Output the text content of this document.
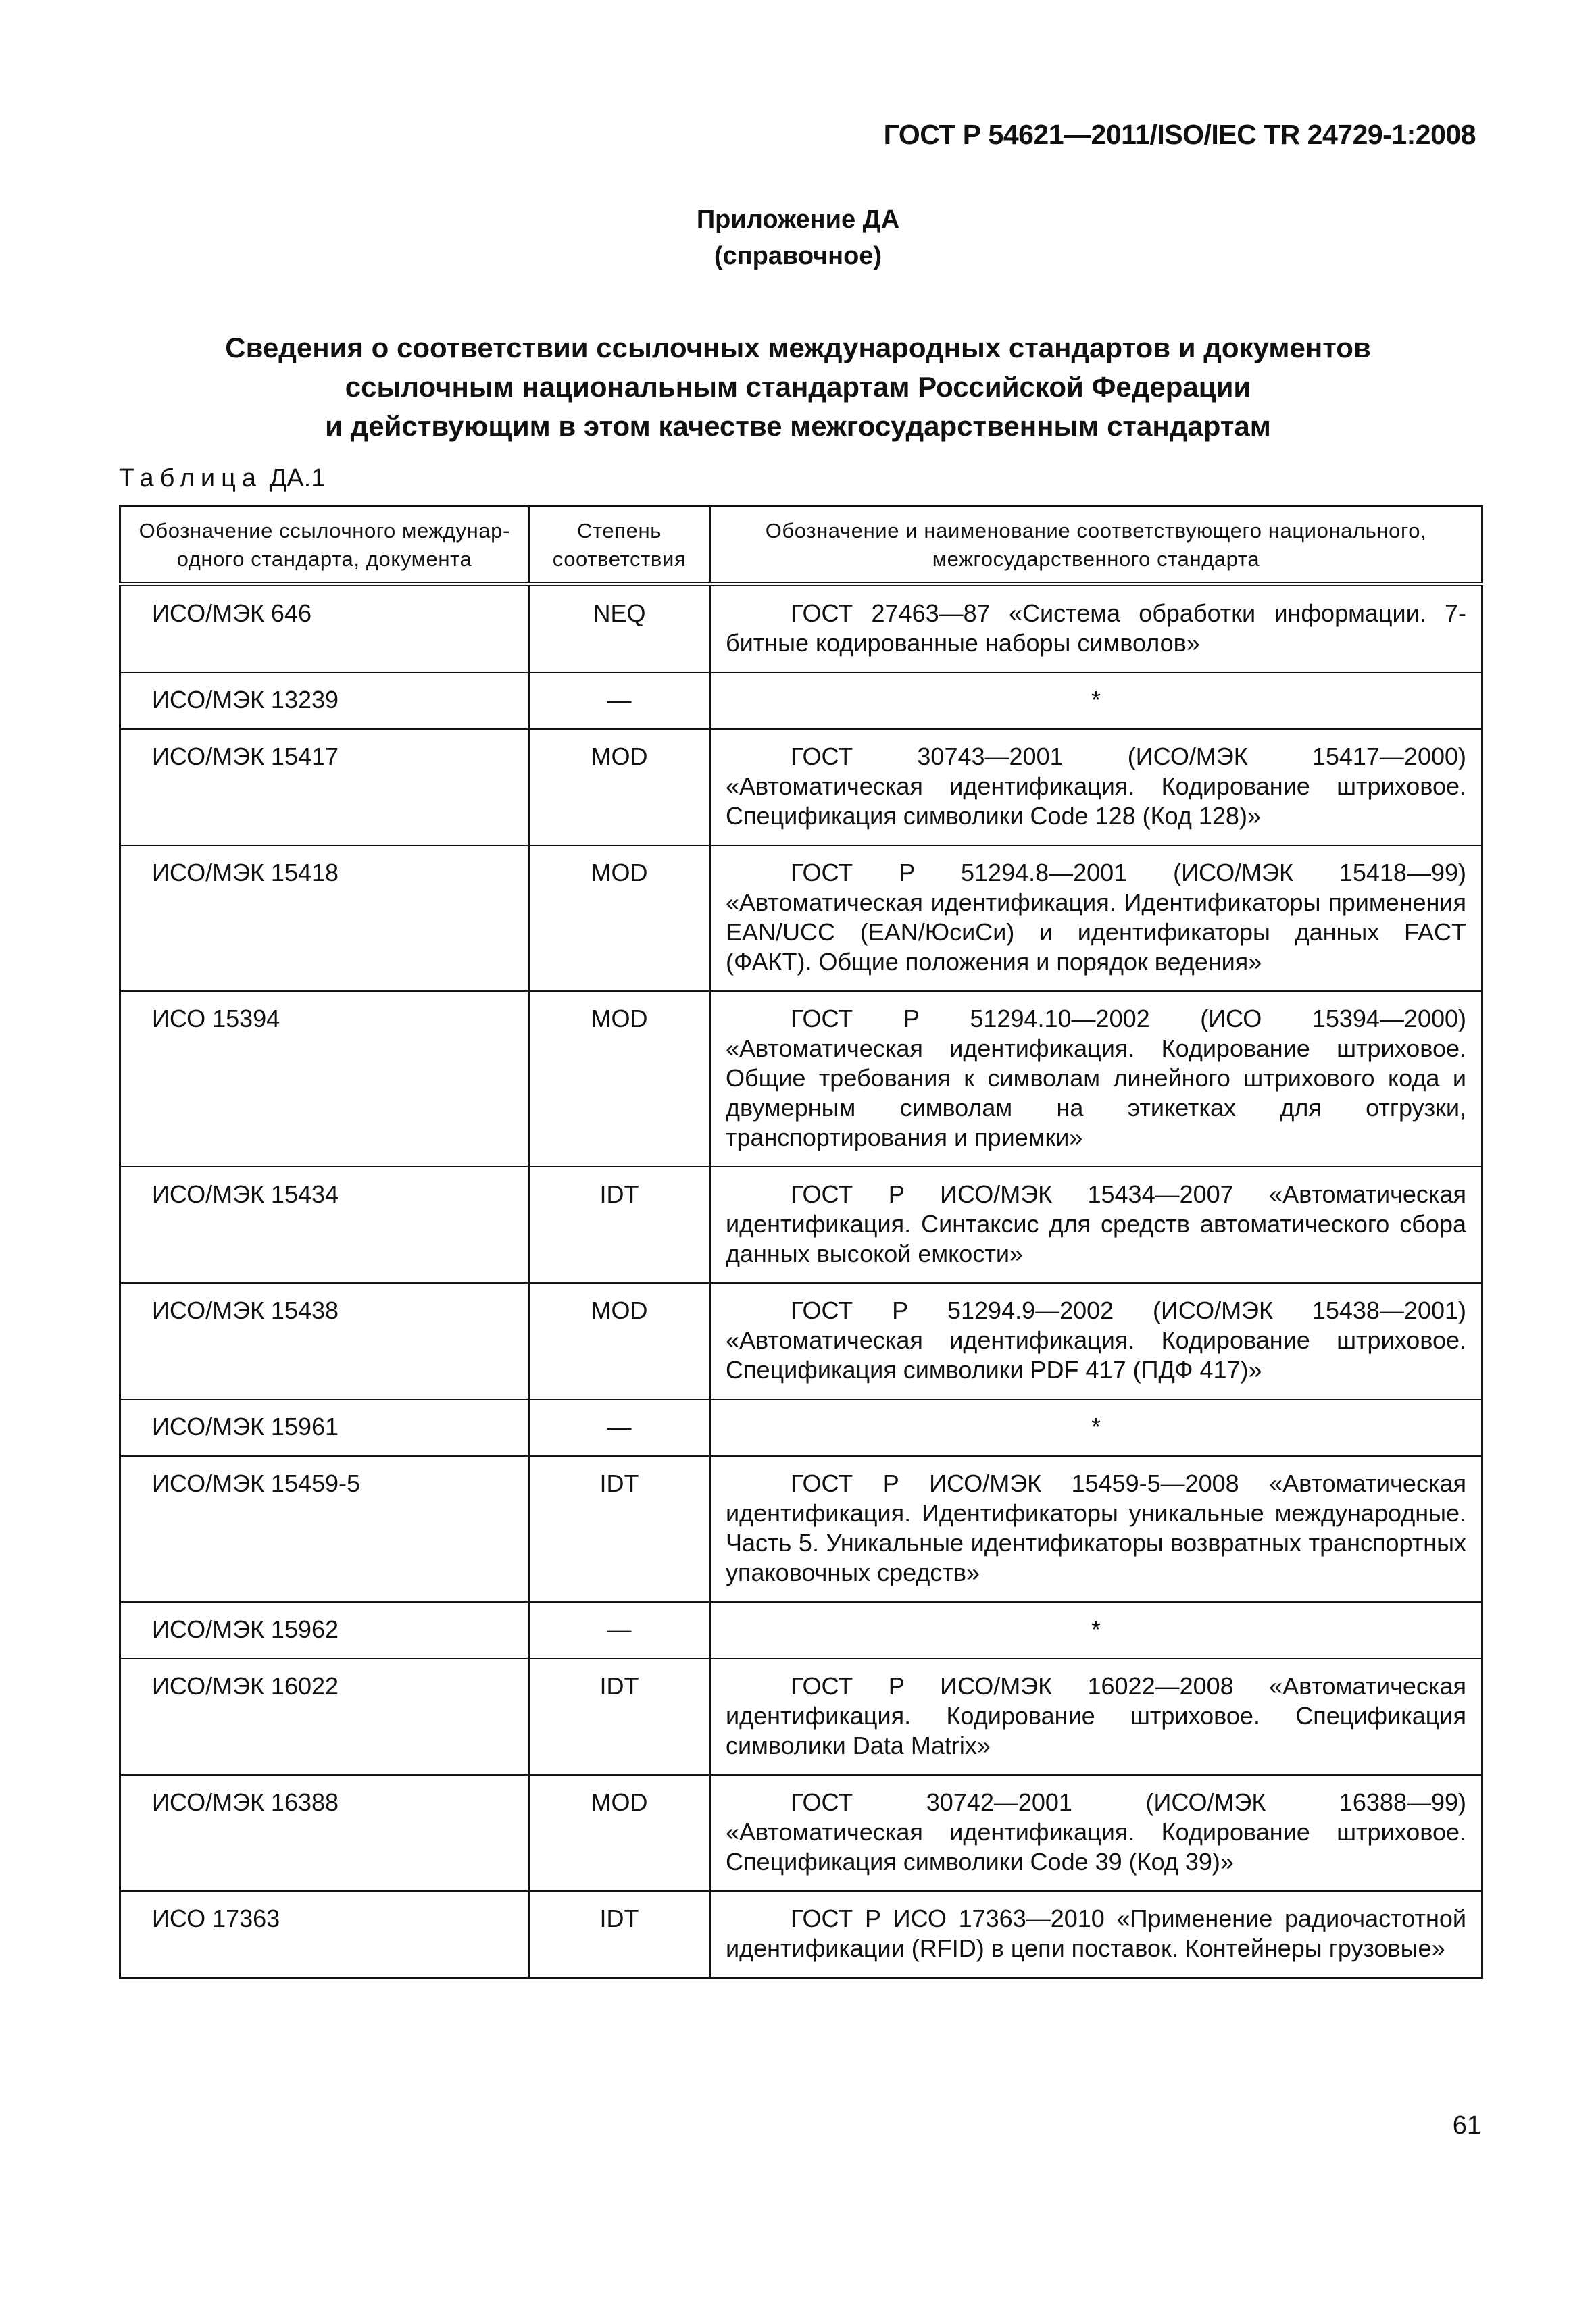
ГОСТ Р 54621—2011/ISO/IEC TR 24729-1:2008
Приложение ДА
(справочное)
Сведения о соответствии ссылочных международных стандартов и документов
ссылочным национальным стандартам Российской Федерации
и действующим в этом качестве межгосударственным стандартам
Таблица ДА.1
Обозначение ссылочного международного стандарта, документа	Степень соответствия	Обозначение и наименование соответствующего национального, межгосударственного стандарта
ИСО/МЭК 646	NEQ	ГОСТ 27463—87 «Система обработки информации. 7-битные кодированные наборы символов»
ИСО/МЭК 13239	—	*
ИСО/МЭК 15417	MOD	ГОСТ 30743—2001 (ИСО/МЭК 15417—2000) «Автоматическая идентификация. Кодирование штриховое. Спецификация символики Code 128 (Код 128)»
ИСО/МЭК 15418	MOD	ГОСТ Р 51294.8—2001 (ИСО/МЭК 15418—99) «Автоматическая идентификация. Идентификаторы применения EAN/UCC (EAN/ЮсиСи) и идентификаторы данных FACT (ФАКТ). Общие положения и порядок ведения»
ИСО 15394	MOD	ГОСТ Р 51294.10—2002 (ИСО 15394—2000) «Автоматическая идентификация. Кодирование штриховое. Общие требования к символам линейного штрихового кода и двумерным символам на этикетках для отгрузки, транспортирования и приемки»
ИСО/МЭК 15434	IDT	ГОСТ Р ИСО/МЭК 15434—2007 «Автоматическая идентификация. Синтаксис для средств автоматического сбора данных высокой емкости»
ИСО/МЭК 15438	MOD	ГОСТ Р 51294.9—2002 (ИСО/МЭК 15438—2001) «Автоматическая идентификация. Кодирование штриховое. Спецификация символики PDF 417 (ПДФ 417)»
ИСО/МЭК 15961	—	*
ИСО/МЭК 15459-5	IDT	ГОСТ Р ИСО/МЭК 15459-5—2008 «Автоматическая идентификация. Идентификаторы уникальные международные. Часть 5. Уникальные идентификаторы возвратных транспортных упаковочных средств»
ИСО/МЭК 15962	—	*
ИСО/МЭК 16022	IDT	ГОСТ Р ИСО/МЭК 16022—2008 «Автоматическая идентификация. Кодирование штриховое. Спецификация символики Data Matrix»
ИСО/МЭК 16388	MOD	ГОСТ 30742—2001 (ИСО/МЭК 16388—99) «Автоматическая идентификация. Кодирование штриховое. Спецификация символики Code 39 (Код 39)»
ИСО 17363	IDT	ГОСТ Р ИСО 17363—2010 «Применение радиочастотной идентификации (RFID) в цепи поставок. Контейнеры грузовые»
61
